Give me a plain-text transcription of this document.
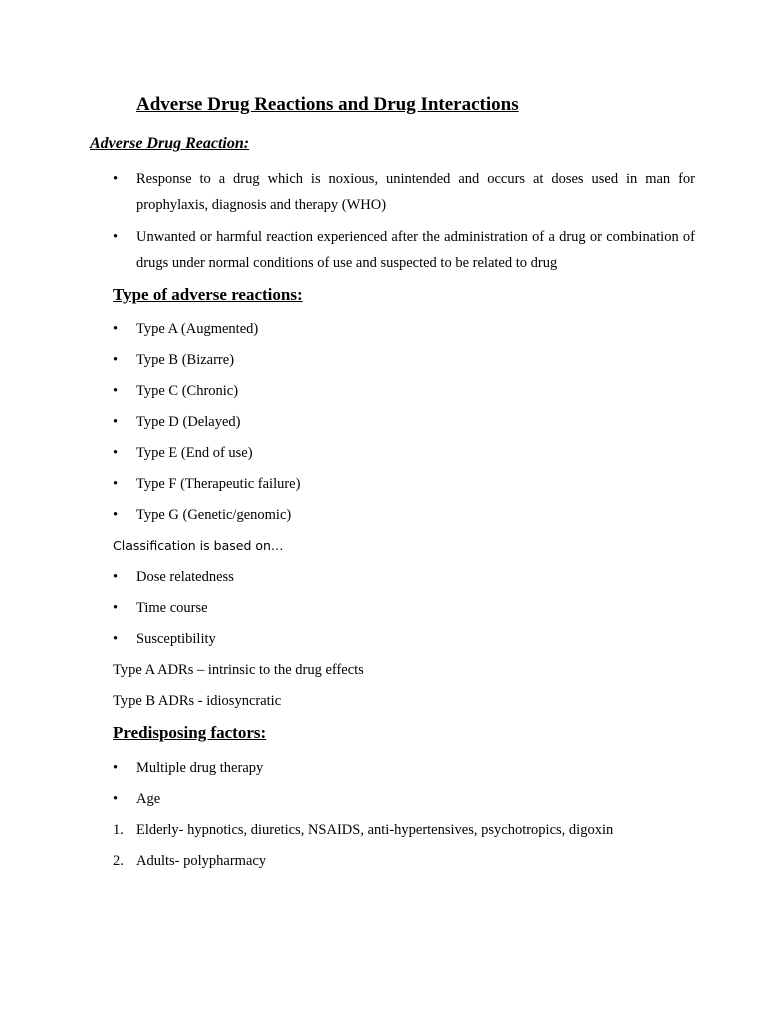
Adverse Drug Reactions and Drug Interactions
Adverse Drug Reaction:
• Response to a drug which is noxious, unintended and occurs at doses used in man for prophylaxis, diagnosis and therapy (WHO)
• Unwanted or harmful reaction experienced after the administration of a drug or combination of drugs under normal conditions of use and suspected to be related to drug
Type of adverse reactions:
• Type A (Augmented)
• Type B (Bizarre)
• Type C (Chronic)
• Type D (Delayed)
• Type E (End of use)
• Type F (Therapeutic failure)
• Type G (Genetic/genomic)
Classification is based on…
• Dose relatedness
• Time course
• Susceptibility
Type A ADRs – intrinsic to the drug effects
Type B ADRs - idiosyncratic
Predisposing factors:
• Multiple drug therapy
• Age
1. Elderly- hypnotics, diuretics, NSAIDS, anti-hypertensives, psychotropics, digoxin
2. Adults- polypharmacy
